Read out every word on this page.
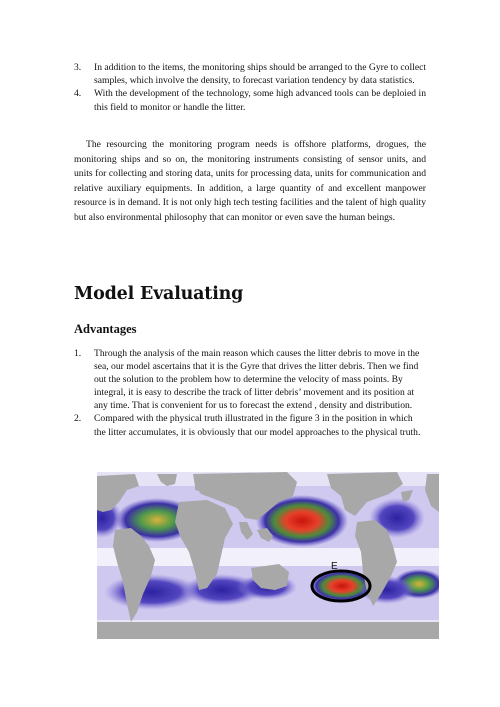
3. In addition to the items, the monitoring ships should be arranged to the Gyre to collect samples, which involve the density, to forecast variation tendency by data statistics.
4. With the development of the technology, some high advanced tools can be deploied in this field to monitor or handle the litter.

The resourcing the monitoring program needs is offshore platforms, drogues, the monitoring ships and so on, the monitoring instruments consisting of sensor units, and units for collecting and storing data, units for processing data, units for communication and relative auxiliary equipments. In addition, a large quantity of and excellent manpower resource is in demand. It is not only high tech testing facilities and the talent of high quality but also environmental philosophy that can monitor or even save the human beings.

Model Evaluating
Advantages
1. Through the analysis of the main reason which causes the litter debris to move in the sea, our model ascertains that it is the Gyre that drives the litter debris. Then we find out the solution to the problem how to determine the velocity of mass points. By integral, it is easy to describe the track of litter debris’ movement and its position at any time. That is convenient for us to forecast the extend , density and distribution.
2. Compared with the physical truth illustrated in the figure 3 in the position in which the litter accumulates, it is obviously that our model approaches to the physical truth.
E
